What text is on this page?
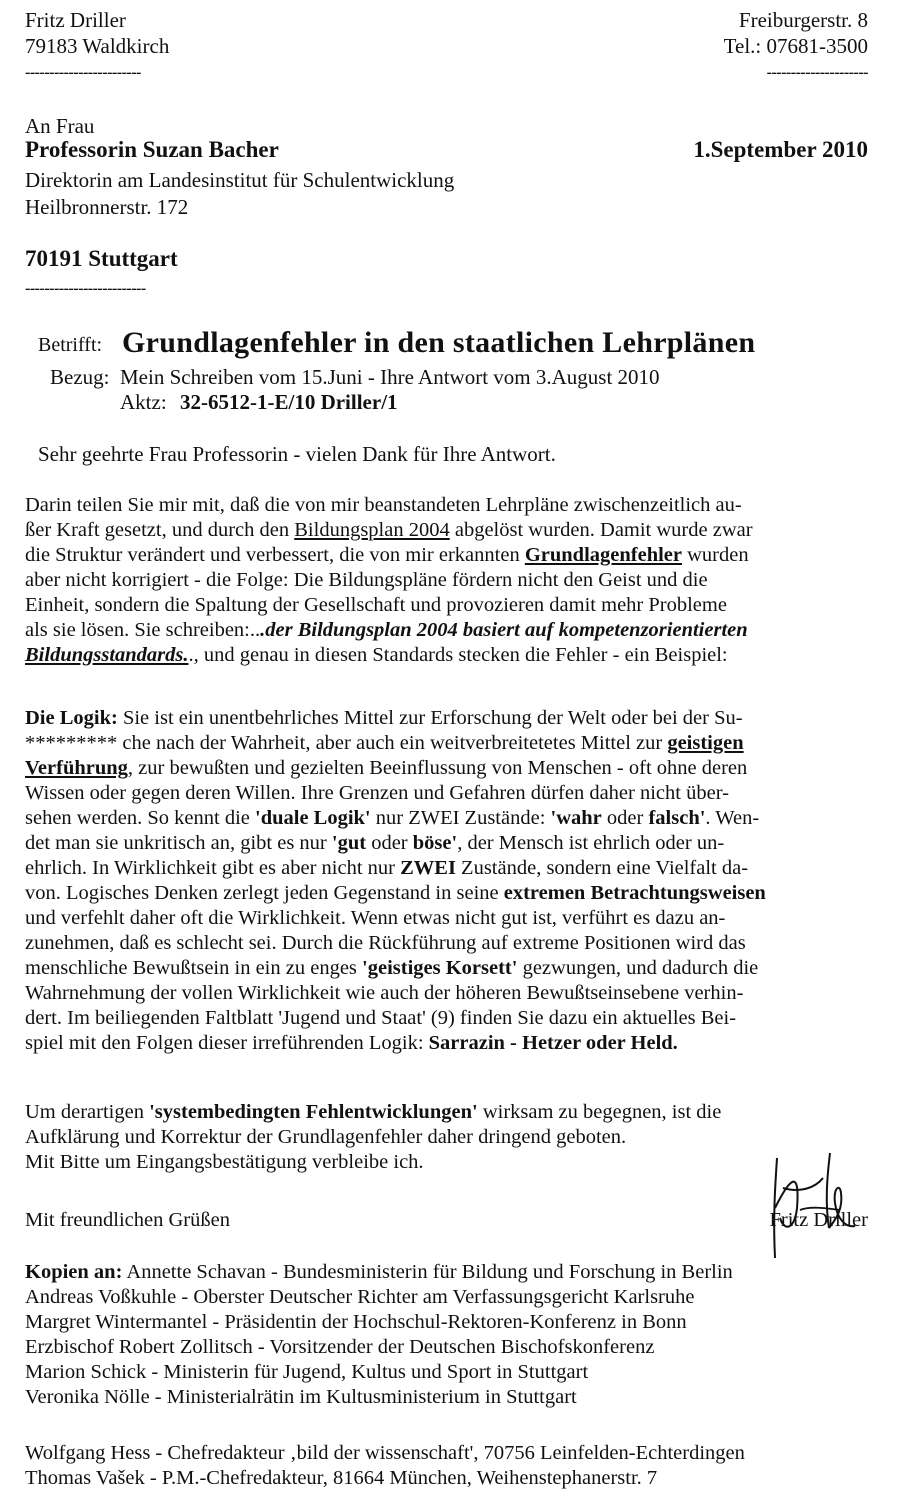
Fritz Driller
79183 Waldkirch
------------------------
Freiburgerstr. 8
Tel.: 07681-3500
---------------------
An Frau
Professorin Suzan Bacher	1.September 2010
Direktorin am Landesinstitut für Schulentwicklung
Heilbronnerstr. 172
70191 Stuttgart
-------------------------
Betrifft: Grundlagenfehler in den staatlichen Lehrplänen
Bezug: Mein Schreiben vom 15.Juni - Ihre Antwort vom 3.August 2010
Aktz: 32-6512-1-E/10 Driller/1
Sehr geehrte Frau Professorin - vielen Dank für Ihre Antwort.

Darin teilen Sie mir mit, daß die von mir beanstandeten Lehrpläne zwischenzeitlich au-

ßer Kraft gesetzt, und durch den Bildungsplan 2004 abgelöst wurden. Damit wurde zwar

die Struktur verändert und verbessert, die von mir erkannten Grundlagenfehler wurden

aber nicht korrigiert - die Folge: Die Bildungspläne fördern nicht den Geist und die

Einheit, sondern die Spaltung der Gesellschaft und provozieren damit mehr Probleme

als sie lösen. Sie schreiben:...der Bildungsplan 2004 basiert auf kompetenzorientierten

Bildungsstandards.., und genau in diesen Standards stecken die Fehler - ein Beispiel:

Die Logik: Sie ist ein unentbehrliches Mittel zur Erforschung der Welt oder bei der Su-

********* che nach der Wahrheit, aber auch ein weitverbreitetetes Mittel zur geistigen

Verführung, zur bewußten und gezielten Beeinflussung von Menschen - oft ohne deren

Wissen oder gegen deren Willen. Ihre Grenzen und Gefahren dürfen daher nicht über-

sehen werden. So kennt die 'duale Logik' nur ZWEI Zustände: 'wahr oder falsch'. Wen-

det man sie unkritisch an, gibt es nur 'gut oder böse', der Mensch ist ehrlich oder un-

ehrlich. In Wirklichkeit gibt es aber nicht nur ZWEI Zustände, sondern eine Vielfalt da-

von. Logisches Denken zerlegt jeden Gegenstand in seine extremen Betrachtungsweisen

und verfehlt daher oft die Wirklichkeit. Wenn etwas nicht gut ist, verführt es dazu an-

zunehmen, daß es schlecht sei. Durch die Rückführung auf extreme Positionen wird das

menschliche Bewußtsein in ein zu enges 'geistiges Korsett' gezwungen, und dadurch die

Wahrnehmung der vollen Wirklichkeit wie auch der höheren Bewußtseinsebene verhin-

dert. Im beiliegenden Faltblatt 'Jugend und Staat' (9) finden Sie dazu ein aktuelles Bei-

spiel mit den Folgen dieser irreführenden Logik: Sarrazin - Hetzer oder Held.

Um derartigen 'systembedingten Fehlentwicklungen' wirksam zu begegnen, ist die

Aufklärung und Korrektur der Grundlagenfehler daher dringend geboten.

Mit Bitte um Eingangsbestätigung verbleibe ich.

Mit freundlichen Grüßen	Fritz Driller

Kopien an: Annette Schavan - Bundesministerin für Bildung und Forschung in Berlin

Andreas Voßkuhle - Oberster Deutscher Richter am Verfassungsgericht Karlsruhe

Margret Wintermantel - Präsidentin der Hochschul-Rektoren-Konferenz in Bonn

Erzbischof Robert Zollitsch - Vorsitzender der Deutschen Bischofskonferenz

Marion Schick - Ministerin für Jugend, Kultus und Sport in Stuttgart

Veronika Nölle - Ministerialrätin im Kultusministerium in Stuttgart

Wolfgang Hess - Chefredakteur ‚bild der wissenschaft', 70756 Leinfelden-Echterdingen

Thomas Vašek - P.M.-Chefredakteur, 81664 München, Weihenstephanerstr. 7
